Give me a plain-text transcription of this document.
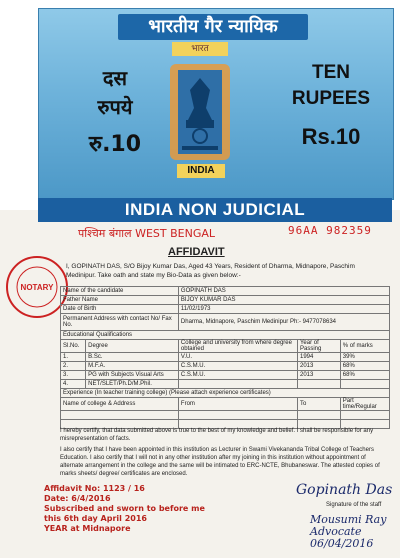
भारतीय गैर न्यायिक
भारत
दस
रुपये
रु.10
INDIA
TEN
RUPEES
Rs.10
INDIA NON JUDICIAL
पश्चिम बंगाल WEST BENGAL	96AA 982359
NOTARY
AFFIDAVIT
I, GOPINATH DAS, S/O Bijoy Kumar Das, Aged 43 Years, Resident of Dharma, Midnapore, Paschim Medinipur. Take oath and state my Bio-Data as given below:-
Name of the candidate		GOPINATH DAS		
Father Name		BIJOY KUMAR DAS		
Date of Birth		11/02/1973		
Permanent Address with contact No/ Fax No.		Dharma, Midnapore, Paschim Medinipur Ph:- 9477078634		
Educational Qualifications				
Sl.No.	Degree	College and university from where degree obtained	Year of Passing	% of marks
1.	B.Sc.	V.U.	1994	39%
2.	M.F.A.	C.S.M.U.	2013	68%
3.	PG with Subjects Visual Arts	C.S.M.U.	2013	68%
4.	NET/SLET/Ph.D/M.Phil.			
Experience (In teacher training college) (Please attach experience certificates)				
Name of college & Address		From	To	Part time/Regular

I hereby certify, that data submitted above is true to the best of my knowledge and belief. I shall be responsible for any misrepresentation of facts.
I also certify that I have been appointed in this institution as Lecturer in Swami Vivekananda Tribal College of Teachers Education. I also certify that I will not in any other institution after my joining in this institution without appointment of alternate arrangement in the college and the same will be intimated to ERC-NCTE, Bhubaneswar. The attested copies of marks sheets/ degree/ certificates are enclosed.
Affidavit No: 1123 / 16
Date: 6/4/2016
Subscribed and sworn to before me
this 6th day April 2016
YEAR at Midnapore
Gopinath Das
Signature of the staff
Mousumi Ray
Advocate
06/04/2016
